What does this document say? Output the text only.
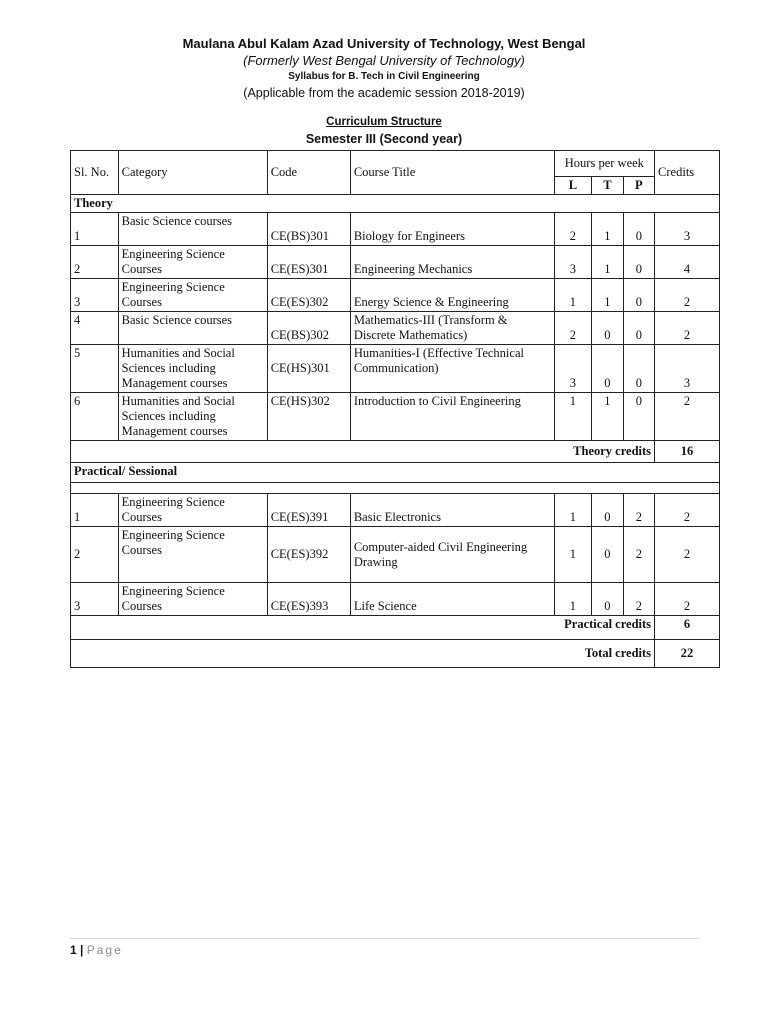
Maulana Abul Kalam Azad University of Technology, West Bengal
(Formerly West Bengal University of Technology)
Syllabus for B. Tech in Civil Engineering
(Applicable from the academic session 2018-2019)
Curriculum Structure
Semester III (Second year)
Sl. No.	Category	Code	Course Title	Hours per week			Credits
				L	T	P	
Theory							
1	Basic Science courses	CE(BS)301	Biology for Engineers	2	1	0	3
2	Engineering Science Courses	CE(ES)301	Engineering Mechanics	3	1	0	4
3	Engineering Science Courses	CE(ES)302	Energy Science & Engineering	1	1	0	2
4	Basic Science courses	CE(BS)302	Mathematics-III (Transform & Discrete Mathematics)	2	0	0	2
5	Humanities and Social Sciences including Management courses	CE(HS)301	Humanities-I (Effective Technical Communication)	3	0	0	3
6	Humanities and Social Sciences including Management courses	CE(HS)302	Introduction to Civil Engineering	1	1	0	2
Theory credits							16
Practical/ Sessional							

1	Engineering Science Courses	CE(ES)391	Basic Electronics	1	0	2	2
2	Engineering Science Courses	CE(ES)392	Computer-aided Civil Engineering Drawing	1	0	2	2
3	Engineering Science Courses	CE(ES)393	Life Science	1	0	2	2
Practical credits							6
Total credits							22
1 | Page
